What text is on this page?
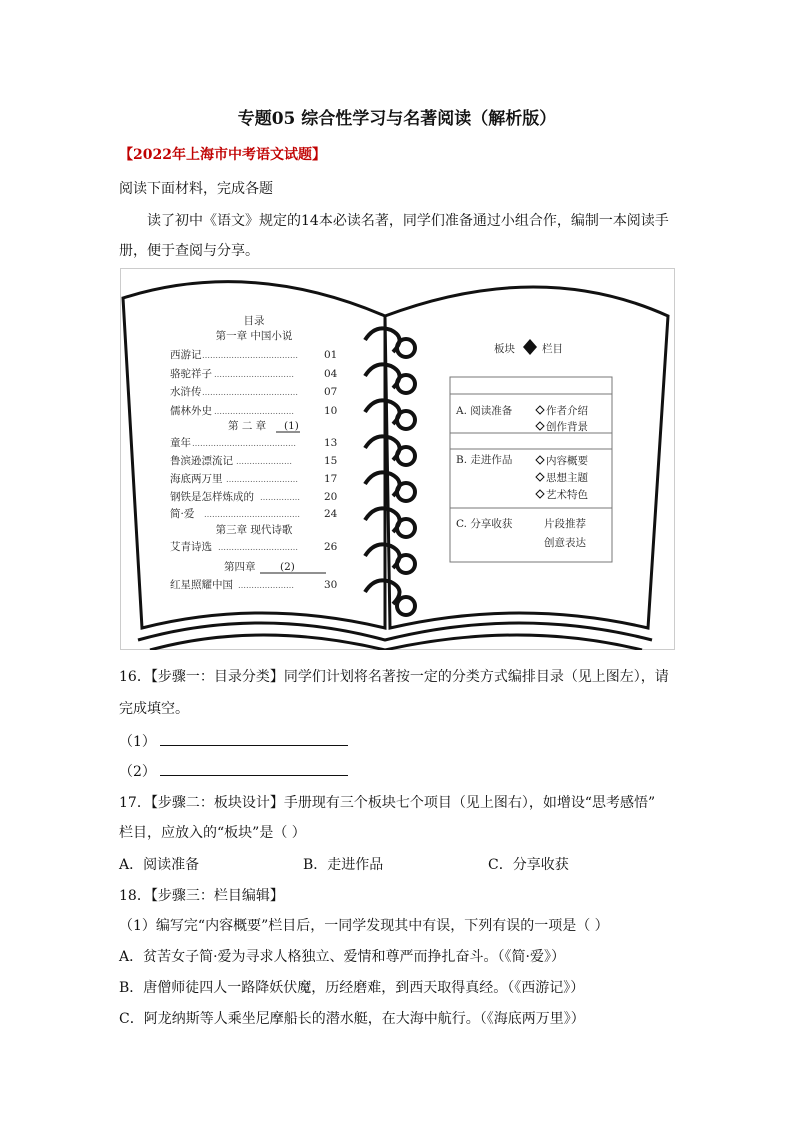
专题05 综合性学习与名著阅读（解析版）
【2022年上海市中考语文试题】
阅读下面材料，完成各题
读了初中《语文》规定的14本必读名著，同学们准备通过小组合作，编制一本阅读手
册，便于查阅与分享。
目录
第一章 中国小说
西游记 ……………………………… 01
骆驼祥子 …………………………	04
水浒传 ……………………………… 07
儒林外史 …………………………	10
第 二 章 (1)
童年 …………………………………	13
鲁滨逊漂流记 …………………	15
海底两万里 ……………………… 17
钢铁是怎样炼成的 …………… 20
简·爱 ……………………………… 24
第三章 现代诗歌
艾青诗选 ………………………… 26
第四章 (2)
红星照耀中国 …………………	30
板块	栏目
A. 阅读准备	作者介绍
创作背景
B. 走进作品	内容概要
思想主题
艺术特色
C. 分享收获	片段推荐
创意表达
16．【步骤一：目录分类】同学们计划将名著按一定的分类方式编排目录（见上图左），请
完成填空。
（1）
（2）
17．【步骤二：板块设计】手册现有三个板块七个项目（见上图右），如增设“思考感悟”
栏目，应放入的“板块”是（ ）
A．阅读准备	B．走进作品	C．分享收获
18．【步骤三：栏目编辑】
（1）编写完“内容概要”栏目后，一同学发现其中有误，下列有误的一项是（ ）
A．贫苦女子简·爱为寻求人格独立、爱情和尊严而挣扎奋斗。（《简·爱》）
B．唐僧师徒四人一路降妖伏魔，历经磨难，到西天取得真经。（《西游记》）
C．阿龙纳斯等人乘坐尼摩船长的潜水艇，在大海中航行。（《海底两万里》）
